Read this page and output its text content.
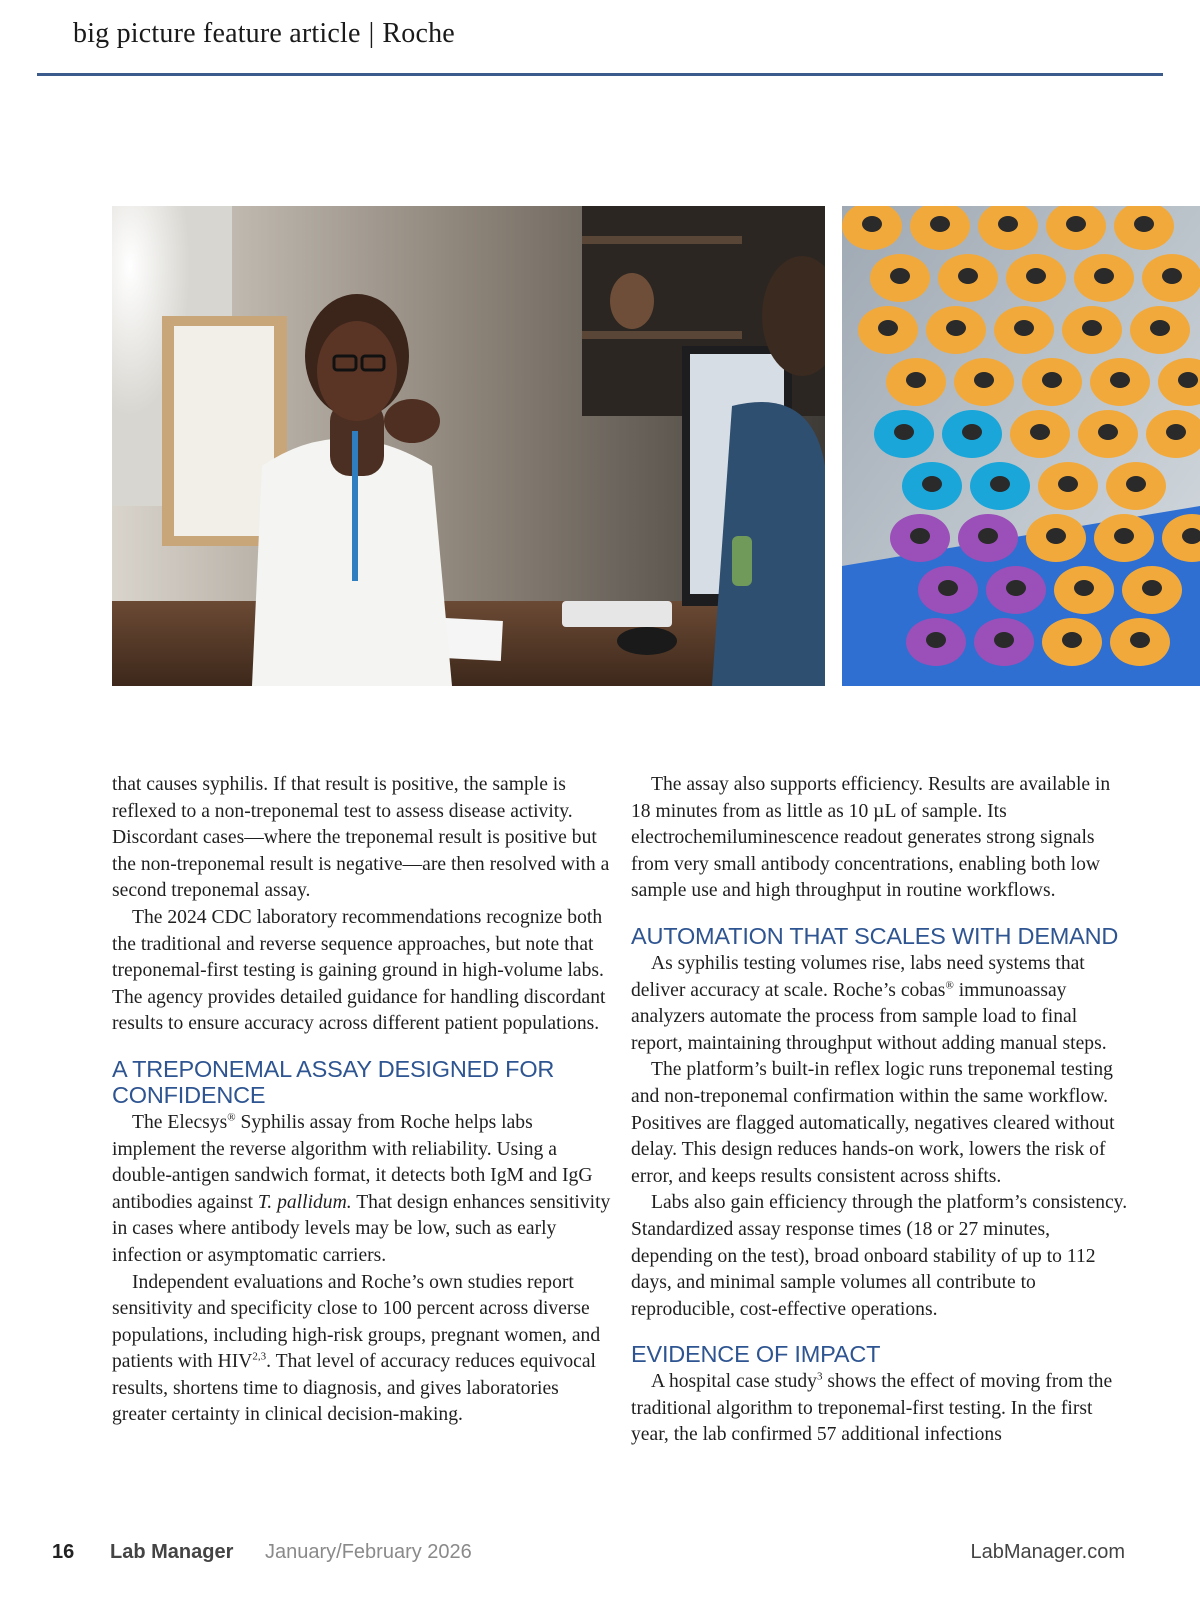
big picture feature article | Roche

that causes syphilis. If that result is positive, the sample is reflexed to a non-treponemal test to assess disease activity. Discordant cases—where the treponemal result is positive but the non-treponemal result is negative—are then resolved with a second treponemal assay.

The 2024 CDC laboratory recommendations recognize both the traditional and reverse sequence approaches, but note that treponemal-first testing is gaining ground in high-volume labs. The agency provides detailed guidance for handling discordant results to ensure accuracy across different patient populations.

A TREPONEMAL ASSAY DESIGNED FOR CONFIDENCE

The Elecsys® Syphilis assay from Roche helps labs implement the reverse algorithm with reliability. Using a double-antigen sandwich format, it detects both IgM and IgG antibodies against T. pallidum. That design enhances sensitivity in cases where antibody levels may be low, such as early infection or asymptomatic carriers.

Independent evaluations and Roche’s own studies report sensitivity and specificity close to 100 percent across diverse populations, including high-risk groups, pregnant women, and patients with HIV$^{2,3}$. That level of accuracy reduces equivocal results, shortens time to diagnosis, and gives laboratories greater certainty in clinical decision-making.

The assay also supports efficiency. Results are available in 18 minutes from as little as 10 µL of sample. Its electrochemiluminescence readout generates strong signals from very small antibody concentrations, enabling both low sample use and high throughput in routine workflows.

AUTOMATION THAT SCALES WITH DEMAND

As syphilis testing volumes rise, labs need systems that deliver accuracy at scale. Roche’s cobas® immunoassay analyzers automate the process from sample load to final report, maintaining throughput without adding manual steps.

The platform’s built-in reflex logic runs treponemal testing and non-treponemal confirmation within the same workflow. Positives are flagged automatically, negatives cleared without delay. This design reduces hands-on work, lowers the risk of error, and keeps results consistent across shifts.

Labs also gain efficiency through the platform’s consistency. Standardized assay response times (18 or 27 minutes, depending on the test), broad onboard stability of up to 112 days, and minimal sample volumes all contribute to reproducible, cost-effective operations.

EVIDENCE OF IMPACT

A hospital case study$^3$ shows the effect of moving from the traditional algorithm to treponemal-first testing. In the first year, the lab confirmed 57 additional infections

16 Lab Manager January/February 2026	LabManager.com
